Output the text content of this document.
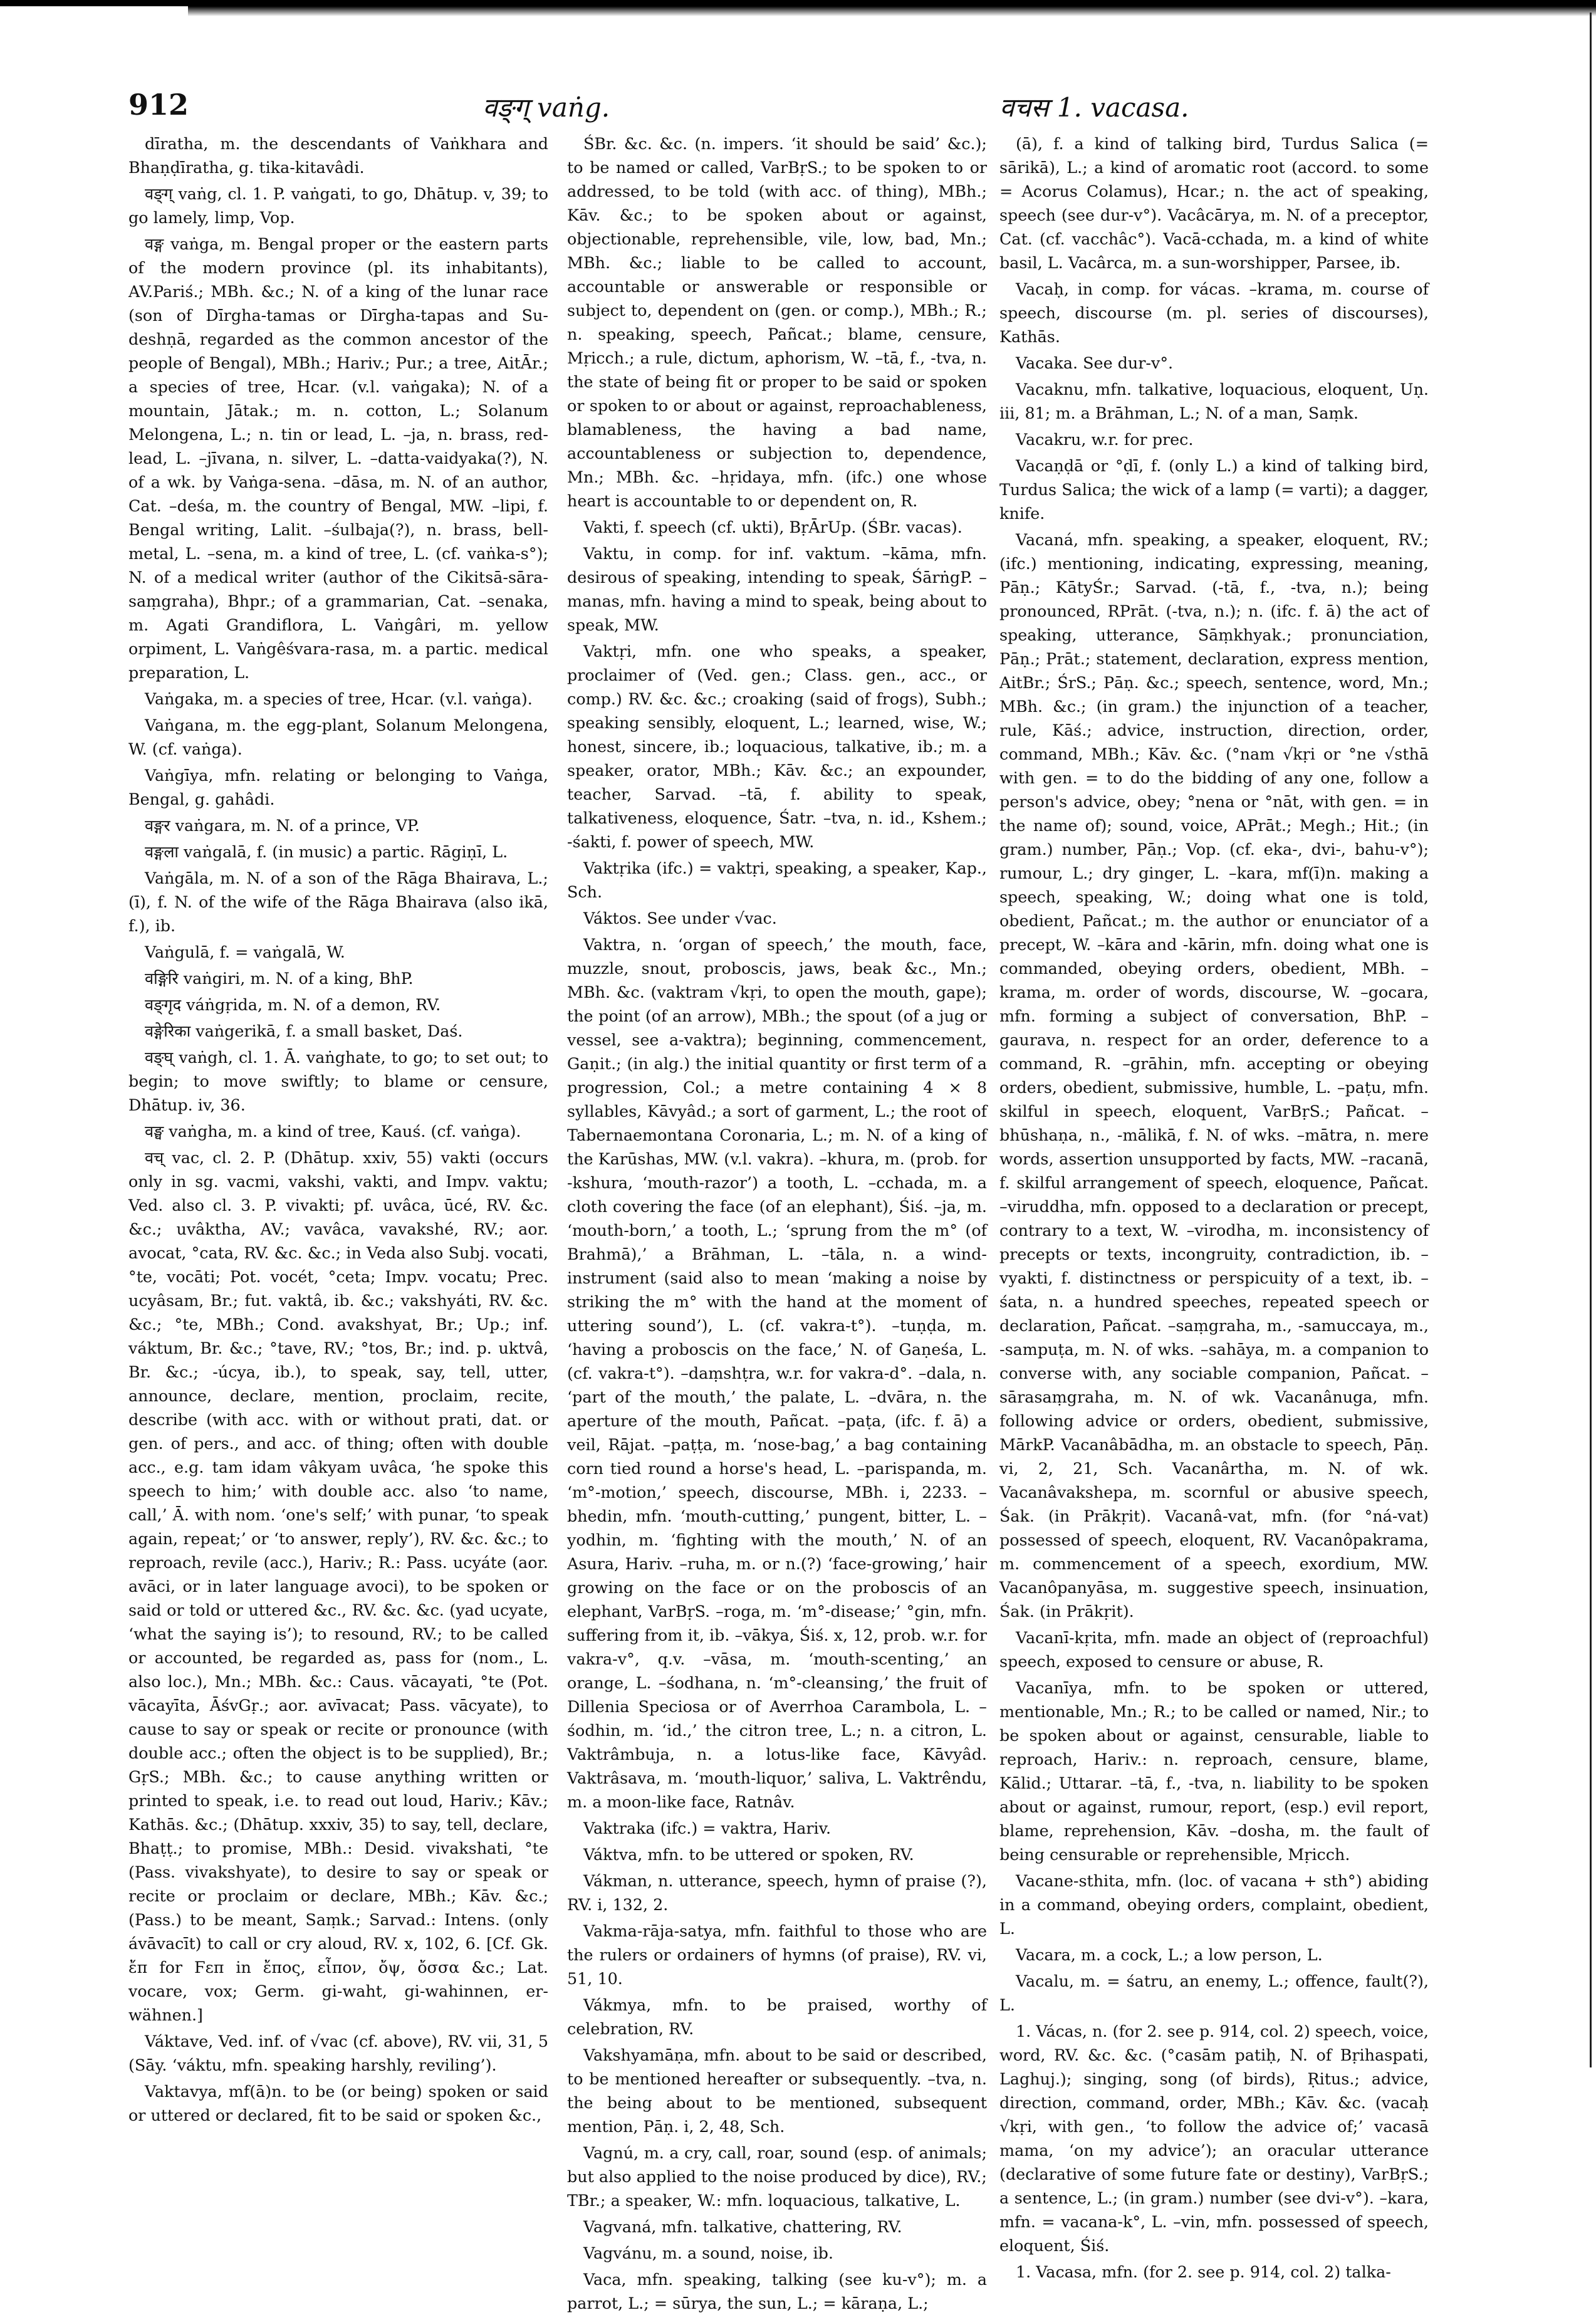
912	वङ्ग् vaṅg.	वचस 1. vacasa.

dīratha, m. the descendants of Vaṅkhara and Bhaṇḍīratha, g. tika-kitavâdi.

वङ्ग् vaṅg, cl. 1. P. vaṅgati, to go, Dhātup. v, 39; to go lamely, limp, Vop.

वङ्ग vaṅga, m. Bengal proper or the eastern parts of the modern province (pl. its inhabitants), AV.Pariś.; MBh. &c.; N. of a king of the lunar race (son of Dīrgha-tamas or Dīrgha-tapas and Su-deshṇā, regarded as the common ancestor of the people of Bengal), MBh.; Hariv.; Pur.; a tree, AitĀr.; a species of tree, Hcar. (v.l. vaṅgaka); N. of a mountain, Jātak.; m. n. cotton, L.; Solanum Melongena, L.; n. tin or lead, L. –ja, n. brass, red-lead, L. –jīvana, n. silver, L. –datta-vaidyaka(?), N. of a wk. by Vaṅga-sena. –dāsa, m. N. of an author, Cat. –deśa, m. the country of Bengal, MW. –lipi, f. Bengal writing, Lalit. –śulbaja(?), n. brass, bell-metal, L. –sena, m. a kind of tree, L. (cf. vaṅka-s°); N. of a medical writer (author of the Cikitsā-sāra-saṃgraha), Bhpr.; of a grammarian, Cat. –senaka, m. Agati Grandiflora, L. Vaṅgâri, m. yellow orpiment, L. Vaṅgêśvara-rasa, m. a partic. medical preparation, L.

Vaṅgaka, m. a species of tree, Hcar. (v.l. vaṅga).

Vaṅgana, m. the egg-plant, Solanum Melongena, W. (cf. vaṅga).

Vaṅgīya, mfn. relating or belonging to Vaṅga, Bengal, g. gahâdi.

वङ्गर vaṅgara, m. N. of a prince, VP.

वङ्गला vaṅgalā, f. (in music) a partic. Rāgiṇī, L.

Vaṅgāla, m. N. of a son of the Rāga Bhairava, L.; (ī), f. N. of the wife of the Rāga Bhairava (also ikā, f.), ib.

Vaṅgulā, f. = vaṅgalā, W.

वङ्गिरि vaṅgiri, m. N. of a king, BhP.

वङ्गृद váṅgṛida, m. N. of a demon, RV.

वङ्गेरिका vaṅgerikā, f. a small basket, Daś.

वङ्घ् vaṅgh, cl. 1. Ā. vaṅghate, to go; to set out; to begin; to move swiftly; to blame or censure, Dhātup. iv, 36.

वङ्घ vaṅgha, m. a kind of tree, Kauś. (cf. vaṅga).

वच् vac, cl. 2. P. (Dhātup. xxiv, 55) vakti (occurs only in sg. vacmi, vakshi, vakti, and Impv. vaktu; Ved. also cl. 3. P. vivakti; pf. uvâca, ūcé, RV. &c. &c.; uvâktha, AV.; vavâca, vavakshé, RV.; aor. avocat, °cata, RV. &c. &c.; in Veda also Subj. vocati, °te, vocāti; Pot. vocét, °ceta; Impv. vocatu; Prec. ucyâsam, Br.; fut. vaktâ, ib. &c.; vakshyáti, RV. &c. &c.; °te, MBh.; Cond. avakshyat, Br.; Up.; inf. váktum, Br. &c.; °tave, RV.; °tos, Br.; ind. p. uktvâ, Br. &c.; -úcya, ib.), to speak, say, tell, utter, announce, declare, mention, proclaim, recite, describe (with acc. with or without prati, dat. or gen. of pers., and acc. of thing; often with double acc., e.g. tam idam vâkyam uvâca, ‘he spoke this speech to him;’ with double acc. also ‘to name, call,’ Ā. with nom. ‘one's self;’ with punar, ‘to speak again, repeat;’ or ‘to answer, reply’), RV. &c. &c.; to reproach, revile (acc.), Hariv.; R.: Pass. ucyáte (aor. avāci, or in later language avoci), to be spoken or said or told or uttered &c., RV. &c. &c. (yad ucyate, ‘what the saying is’); to resound, RV.; to be called or accounted, be regarded as, pass for (nom., L. also loc.), Mn.; MBh. &c.: Caus. vācayati, °te (Pot. vācayīta, ĀśvGṛ.; aor. avīvacat; Pass. vācyate), to cause to say or speak or recite or pronounce (with double acc.; often the object is to be supplied), Br.; GṛS.; MBh. &c.; to cause anything written or printed to speak, i.e. to read out loud, Hariv.; Kāv.; Kathās. &c.; (Dhātup. xxxiv, 35) to say, tell, declare, Bhaṭṭ.; to promise, MBh.: Desid. vivakshati, °te (Pass. vivakshyate), to desire to say or speak or recite or proclaim or declare, MBh.; Kāv. &c.; (Pass.) to be meant, Saṃk.; Sarvad.: Intens. (only ávāvacīt) to call or cry aloud, RV. x, 102, 6. [Cf. Gk. ἔπ for Ϝεπ in ἔπος, εἶπον, ὄψ, ὄσσα &c.; Lat. vocare, vox; Germ. gi-waht, gi-wahinnen, er-wähnen.]

Váktave, Ved. inf. of √vac (cf. above), RV. vii, 31, 5 (Sāy. ‘váktu, mfn. speaking harshly, reviling’).

Vaktavya, mf(ā)n. to be (or being) spoken or said or uttered or declared, fit to be said or spoken &c.,

ŚBr. &c. &c. (n. impers. ‘it should be said’ &c.); to be named or called, VarBṛS.; to be spoken to or addressed, to be told (with acc. of thing), MBh.; Kāv. &c.; to be spoken about or against, objectionable, reprehensible, vile, low, bad, Mn.; MBh. &c.; liable to be called to account, accountable or answerable or responsible or subject to, dependent on (gen. or comp.), MBh.; R.; n. speaking, speech, Pañcat.; blame, censure, Mṛicch.; a rule, dictum, aphorism, W. –tā, f., -tva, n. the state of being fit or proper to be said or spoken or spoken to or about or against, reproachableness, blamableness, the having a bad name, accountableness or subjection to, dependence, Mn.; MBh. &c. –hṛidaya, mfn. (ifc.) one whose heart is accountable to or dependent on, R.

Vakti, f. speech (cf. ukti), BṛĀrUp. (ŚBr. vacas).

Vaktu, in comp. for inf. vaktum. –kāma, mfn. desirous of speaking, intending to speak, ŚārṅgP. –manas, mfn. having a mind to speak, being about to speak, MW.

Vaktṛi, mfn. one who speaks, a speaker, proclaimer of (Ved. gen.; Class. gen., acc., or comp.) RV. &c. &c.; croaking (said of frogs), Subh.; speaking sensibly, eloquent, L.; learned, wise, W.; honest, sincere, ib.; loquacious, talkative, ib.; m. a speaker, orator, MBh.; Kāv. &c.; an expounder, teacher, Sarvad. –tā, f. ability to speak, talkativeness, eloquence, Śatr. –tva, n. id., Kshem.; -śakti, f. power of speech, MW.

Vaktṛika (ifc.) = vaktṛi, speaking, a speaker, Kap., Sch.

Váktos. See under √vac.

Vaktra, n. ‘organ of speech,’ the mouth, face, muzzle, snout, proboscis, jaws, beak &c., Mn.; MBh. &c. (vaktram √kṛi, to open the mouth, gape); the point (of an arrow), MBh.; the spout (of a jug or vessel, see a-vaktra); beginning, commencement, Gaṇit.; (in alg.) the initial quantity or first term of a progression, Col.; a metre containing 4 × 8 syllables, Kāvyâd.; a sort of garment, L.; the root of Tabernaemontana Coronaria, L.; m. N. of a king of the Karūshas, MW. (v.l. vakra). –khura, m. (prob. for -kshura, ‘mouth-razor’) a tooth, L. –cchada, m. a cloth covering the face (of an elephant), Śiś. –ja, m. ‘mouth-born,’ a tooth, L.; ‘sprung from the m° (of Brahmā),’ a Brāhman, L. –tāla, n. a wind-instrument (said also to mean ‘making a noise by striking the m° with the hand at the moment of uttering sound’), L. (cf. vakra-t°). –tuṇḍa, m. ‘having a proboscis on the face,’ N. of Gaṇeśa, L. (cf. vakra-t°). –daṃshṭra, w.r. for vakra-d°. –dala, n. ‘part of the mouth,’ the palate, L. –dvāra, n. the aperture of the mouth, Pañcat. –paṭa, (ifc. f. ā) a veil, Rājat. –paṭṭa, m. ‘nose-bag,’ a bag containing corn tied round a horse's head, L. –parispanda, m. ‘m°-motion,’ speech, discourse, MBh. i, 2233. –bhedin, mfn. ‘mouth-cutting,’ pungent, bitter, L. –yodhin, m. ‘fighting with the mouth,’ N. of an Asura, Hariv. –ruha, m. or n.(?) ‘face-growing,’ hair growing on the face or on the proboscis of an elephant, VarBṛS. –roga, m. ‘m°-disease;’ °gin, mfn. suffering from it, ib. –vākya, Śiś. x, 12, prob. w.r. for vakra-v°, q.v. –vāsa, m. ‘mouth-scenting,’ an orange, L. –śodhana, n. ‘m°-cleansing,’ the fruit of Dillenia Speciosa or of Averrhoa Carambola, L. –śodhin, m. ‘id.,’ the citron tree, L.; n. a citron, L. Vaktrâmbuja, n. a lotus-like face, Kāvyâd. Vaktrâsava, m. ‘mouth-liquor,’ saliva, L. Vaktrêndu, m. a moon-like face, Ratnâv.

Vaktraka (ifc.) = vaktra, Hariv.

Váktva, mfn. to be uttered or spoken, RV.

Vákman, n. utterance, speech, hymn of praise (?), RV. i, 132, 2.

Vakma-rāja-satya, mfn. faithful to those who are the rulers or ordainers of hymns (of praise), RV. vi, 51, 10.

Vákmya, mfn. to be praised, worthy of celebration, RV.

Vakshyamāṇa, mfn. about to be said or described, to be mentioned hereafter or subsequently. –tva, n. the being about to be mentioned, subsequent mention, Pāṇ. i, 2, 48, Sch.

Vagnú, m. a cry, call, roar, sound (esp. of animals; but also applied to the noise produced by dice), RV.; TBr.; a speaker, W.: mfn. loquacious, talkative, L.

Vagvaná, mfn. talkative, chattering, RV.

Vagvánu, m. a sound, noise, ib.

Vaca, mfn. speaking, talking (see ku-v°); m. a parrot, L.; = sūrya, the sun, L.; = kāraṇa, L.;

(ā), f. a kind of talking bird, Turdus Salica (= sārikā), L.; a kind of aromatic root (accord. to some = Acorus Colamus), Hcar.; n. the act of speaking, speech (see dur-v°). Vacâcārya, m. N. of a preceptor, Cat. (cf. vacchâc°). Vacā-cchada, m. a kind of white basil, L. Vacârca, m. a sun-worshipper, Parsee, ib.

Vacaḥ, in comp. for vácas. –krama, m. course of speech, discourse (m. pl. series of discourses), Kathās.

Vacaka. See dur-v°.

Vacaknu, mfn. talkative, loquacious, eloquent, Uṇ. iii, 81; m. a Brāhman, L.; N. of a man, Saṃk.

Vacakru, w.r. for prec.

Vacaṇḍā or °ḍī, f. (only L.) a kind of talking bird, Turdus Salica; the wick of a lamp (= varti); a dagger, knife.

Vacaná, mfn. speaking, a speaker, eloquent, RV.; (ifc.) mentioning, indicating, expressing, meaning, Pāṇ.; KātyŚr.; Sarvad. (-tā, f., -tva, n.); being pronounced, RPrāt. (-tva, n.); n. (ifc. f. ā) the act of speaking, utterance, Sāṃkhyak.; pronunciation, Pāṇ.; Prāt.; statement, declaration, express mention, AitBr.; ŚrS.; Pāṇ. &c.; speech, sentence, word, Mn.; MBh. &c.; (in gram.) the injunction of a teacher, rule, Kāś.; advice, instruction, direction, order, command, MBh.; Kāv. &c. (°nam √kṛi or °ne √sthā with gen. = to do the bidding of any one, follow a person's advice, obey; °nena or °nāt, with gen. = in the name of); sound, voice, APrāt.; Megh.; Hit.; (in gram.) number, Pāṇ.; Vop. (cf. eka-, dvi-, bahu-v°); rumour, L.; dry ginger, L. –kara, mf(ī)n. making a speech, speaking, W.; doing what one is told, obedient, Pañcat.; m. the author or enunciator of a precept, W. –kāra and -kārin, mfn. doing what one is commanded, obeying orders, obedient, MBh. –krama, m. order of words, discourse, W. –gocara, mfn. forming a subject of conversation, BhP. –gaurava, n. respect for an order, deference to a command, R. –grāhin, mfn. accepting or obeying orders, obedient, submissive, humble, L. –paṭu, mfn. skilful in speech, eloquent, VarBṛS.; Pañcat. –bhūshaṇa, n., -mālikā, f. N. of wks. –mātra, n. mere words, assertion unsupported by facts, MW. –racanā, f. skilful arrangement of speech, eloquence, Pañcat. –viruddha, mfn. opposed to a declaration or precept, contrary to a text, W. –virodha, m. inconsistency of precepts or texts, incongruity, contradiction, ib. –vyakti, f. distinctness or perspicuity of a text, ib. –śata, n. a hundred speeches, repeated speech or declaration, Pañcat. –saṃgraha, m., -samuccaya, m., -sampuṭa, m. N. of wks. –sahāya, m. a companion to converse with, any sociable companion, Pañcat. –sārasaṃgraha, m. N. of wk. Vacanânuga, mfn. following advice or orders, obedient, submissive, MārkP. Vacanâbādha, m. an obstacle to speech, Pāṇ. vi, 2, 21, Sch. Vacanârtha, m. N. of wk. Vacanâvakshepa, m. scornful or abusive speech, Śak. (in Prākṛit). Vacanâ-vat, mfn. (for °ná-vat) possessed of speech, eloquent, RV. Vacanôpakrama, m. commencement of a speech, exordium, MW. Vacanôpanyāsa, m. suggestive speech, insinuation, Śak. (in Prākṛit).

Vacanī-kṛita, mfn. made an object of (reproachful) speech, exposed to censure or abuse, R.

Vacanīya, mfn. to be spoken or uttered, mentionable, Mn.; R.; to be called or named, Nir.; to be spoken about or against, censurable, liable to reproach, Hariv.: n. reproach, censure, blame, Kālid.; Uttarar. –tā, f., -tva, n. liability to be spoken about or against, rumour, report, (esp.) evil report, blame, reprehension, Kāv. –dosha, m. the fault of being censurable or reprehensible, Mṛicch.

Vacane-sthita, mfn. (loc. of vacana + sth°) abiding in a command, obeying orders, complaint, obedient, L.

Vacara, m. a cock, L.; a low person, L.

Vacalu, m. = śatru, an enemy, L.; offence, fault(?), L.

1. Vácas, n. (for 2. see p. 914, col. 2) speech, voice, word, RV. &c. &c. (°casām patiḥ, N. of Bṛihaspati, Laghuj.); singing, song (of birds), Ṛitus.; advice, direction, command, order, MBh.; Kāv. &c. (vacaḥ √kṛi, with gen., ‘to follow the advice of;’ vacasā mama, ‘on my advice’); an oracular utterance (declarative of some future fate or destiny), VarBṛS.; a sentence, L.; (in gram.) number (see dvi-v°). –kara, mfn. = vacana-k°, L. –vin, mfn. possessed of speech, eloquent, Śiś.

1. Vacasa, mfn. (for 2. see p. 914, col. 2) talka-
